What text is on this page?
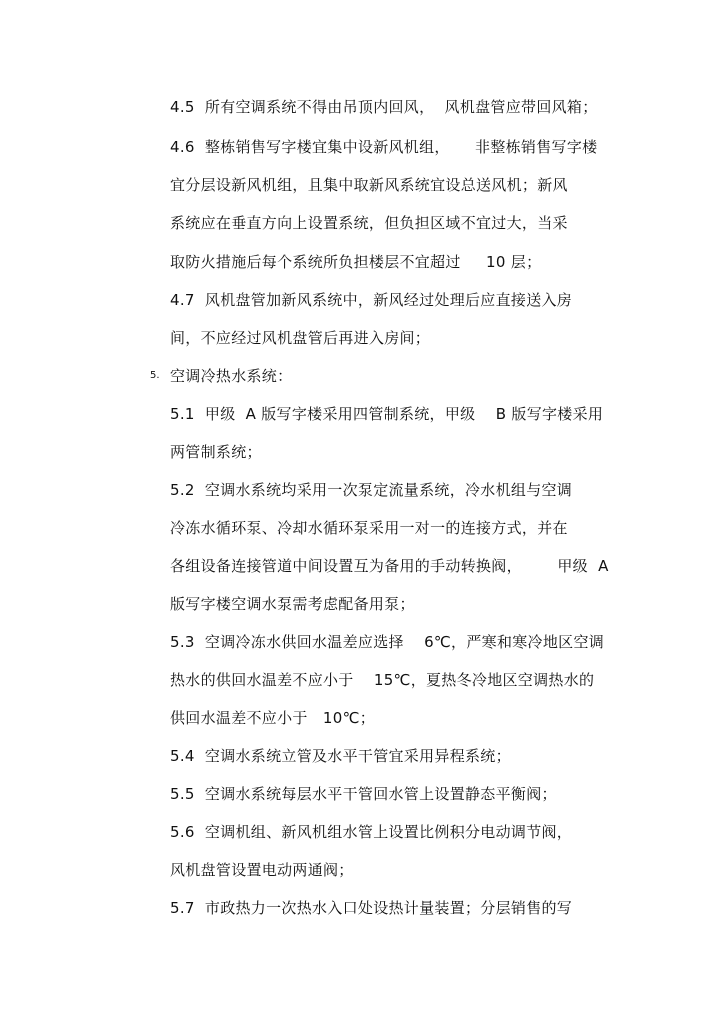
4.5  所有空调系统不得由吊顶内回风，  风机盘管应带回风箱；
4.6  整栋销售写字楼宜集中设新风机组，     非整栋销售写字楼
宜分层设新风机组，且集中取新风系统宜设总送风机；新风
系统应在垂直方向上设置系统，但负担区域不宜过大，当采
取防火措施后每个系统所负担楼层不宜超过     10 层；
4.7  风机盘管加新风系统中，新风经过处理后应直接送入房
间，不应经过风机盘管后再进入房间；
5. 空调冷热水系统：
5.1  甲级  A 版写字楼采用四管制系统，甲级    B 版写字楼采用
两管制系统；
5.2  空调水系统均采用一次泵定流量系统，冷水机组与空调
冷冻水循环泵、冷却水循环泵采用一对一的连接方式，并在
各组设备连接管道中间设置互为备用的手动转换阀，       甲级  A
版写字楼空调水泵需考虑配备用泵；
5.3  空调冷冻水供回水温差应选择    6℃，严寒和寒冷地区空调
热水的供回水温差不应小于    15℃，夏热冬冷地区空调热水的
供回水温差不应小于   10℃；
5.4  空调水系统立管及水平干管宜采用异程系统；
5.5  空调水系统每层水平干管回水管上设置静态平衡阀；
5.6  空调机组、新风机组水管上设置比例积分电动调节阀，
风机盘管设置电动两通阀；
5.7  市政热力一次热水入口处设热计量装置；分层销售的写
